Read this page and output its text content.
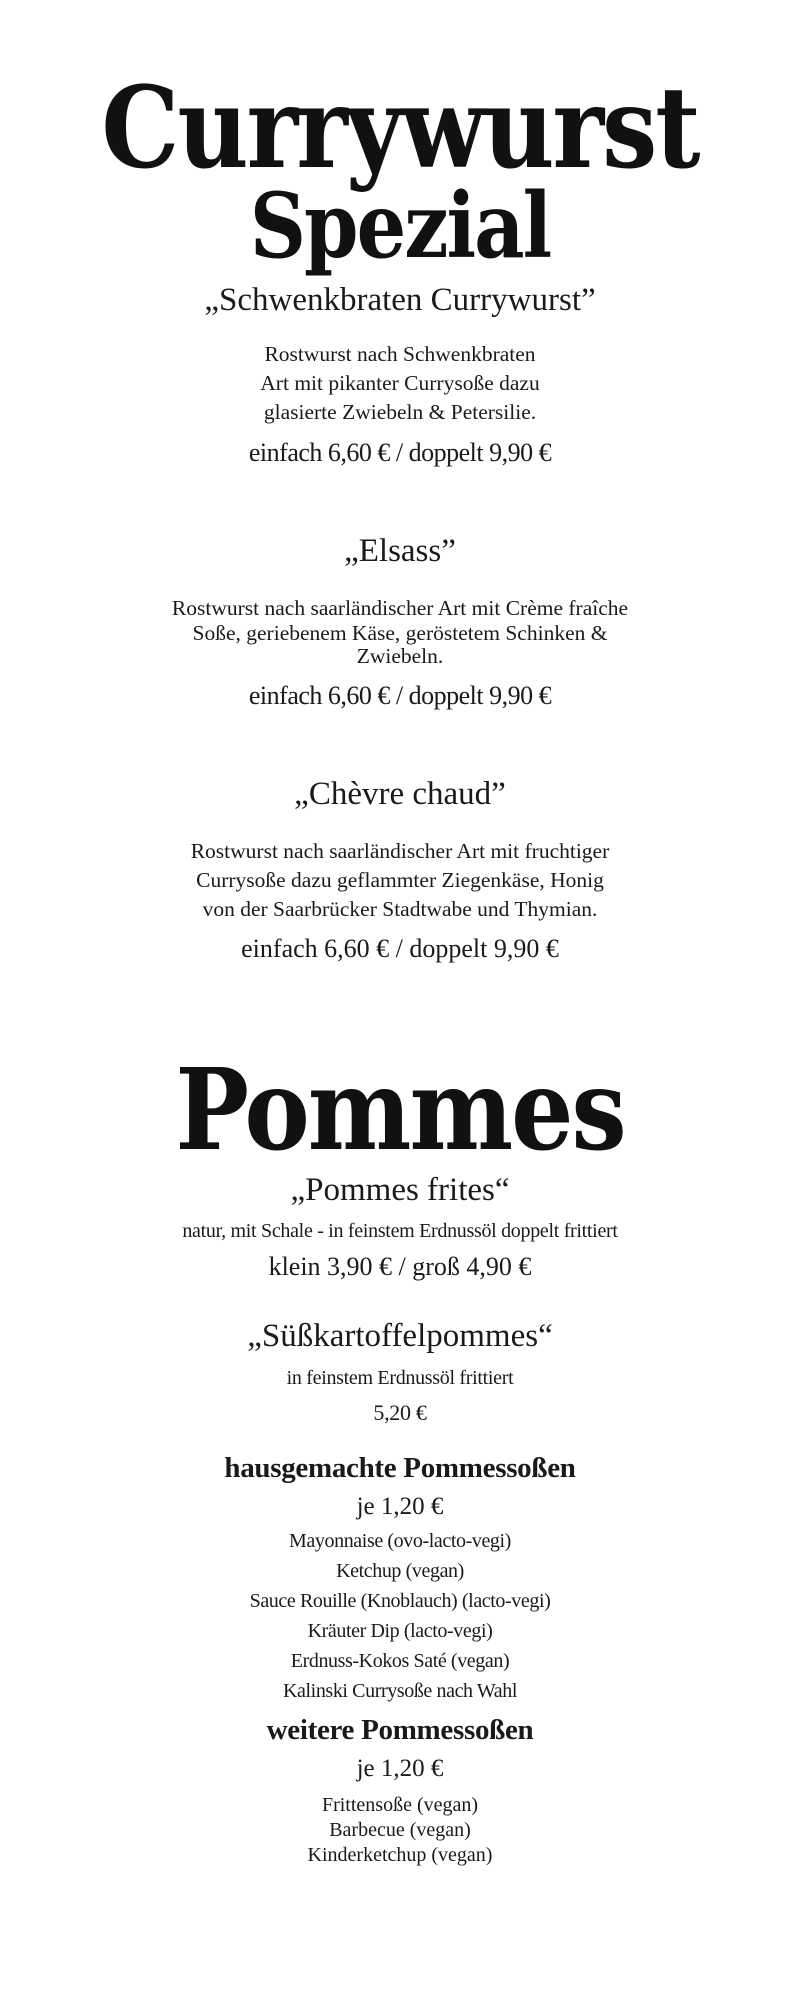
Currywurst
Spezial
„Schwenkbraten Currywurst”
Rostwurst nach Schwenkbraten
Art mit pikanter Currysoße dazu
glasierte Zwiebeln & Petersilie.
einfach 6,60 € / doppelt 9,90 €
„Elsass”
Rostwurst nach saarländischer Art mit Crème fraîche
Soße, geriebenem Käse, geröstetem Schinken &
Zwiebeln.
einfach 6,60 € / doppelt 9,90 €
„Chèvre chaud”
Rostwurst nach saarländischer Art mit fruchtiger
Currysoße dazu geflammter Ziegenkäse, Honig
von der Saarbrücker Stadtwabe und Thymian.
einfach 6,60 € / doppelt 9,90 €
Pommes
„Pommes frites“
natur, mit Schale - in feinstem Erdnussöl doppelt frittiert
klein 3,90 € / groß 4,90 €
„Süßkartoffelpommes“
in feinstem Erdnussöl frittiert
5,20 €
hausgemachte Pommessoßen
je 1,20 €
Mayonnaise (ovo-lacto-vegi)
Ketchup (vegan)
Sauce Rouille (Knoblauch) (lacto-vegi)
Kräuter Dip (lacto-vegi)
Erdnuss-Kokos Saté (vegan)
Kalinski Currysoße nach Wahl
weitere Pommessoßen
je 1,20 €
Frittensoße (vegan)
Barbecue (vegan)
Kinderketchup (vegan)
